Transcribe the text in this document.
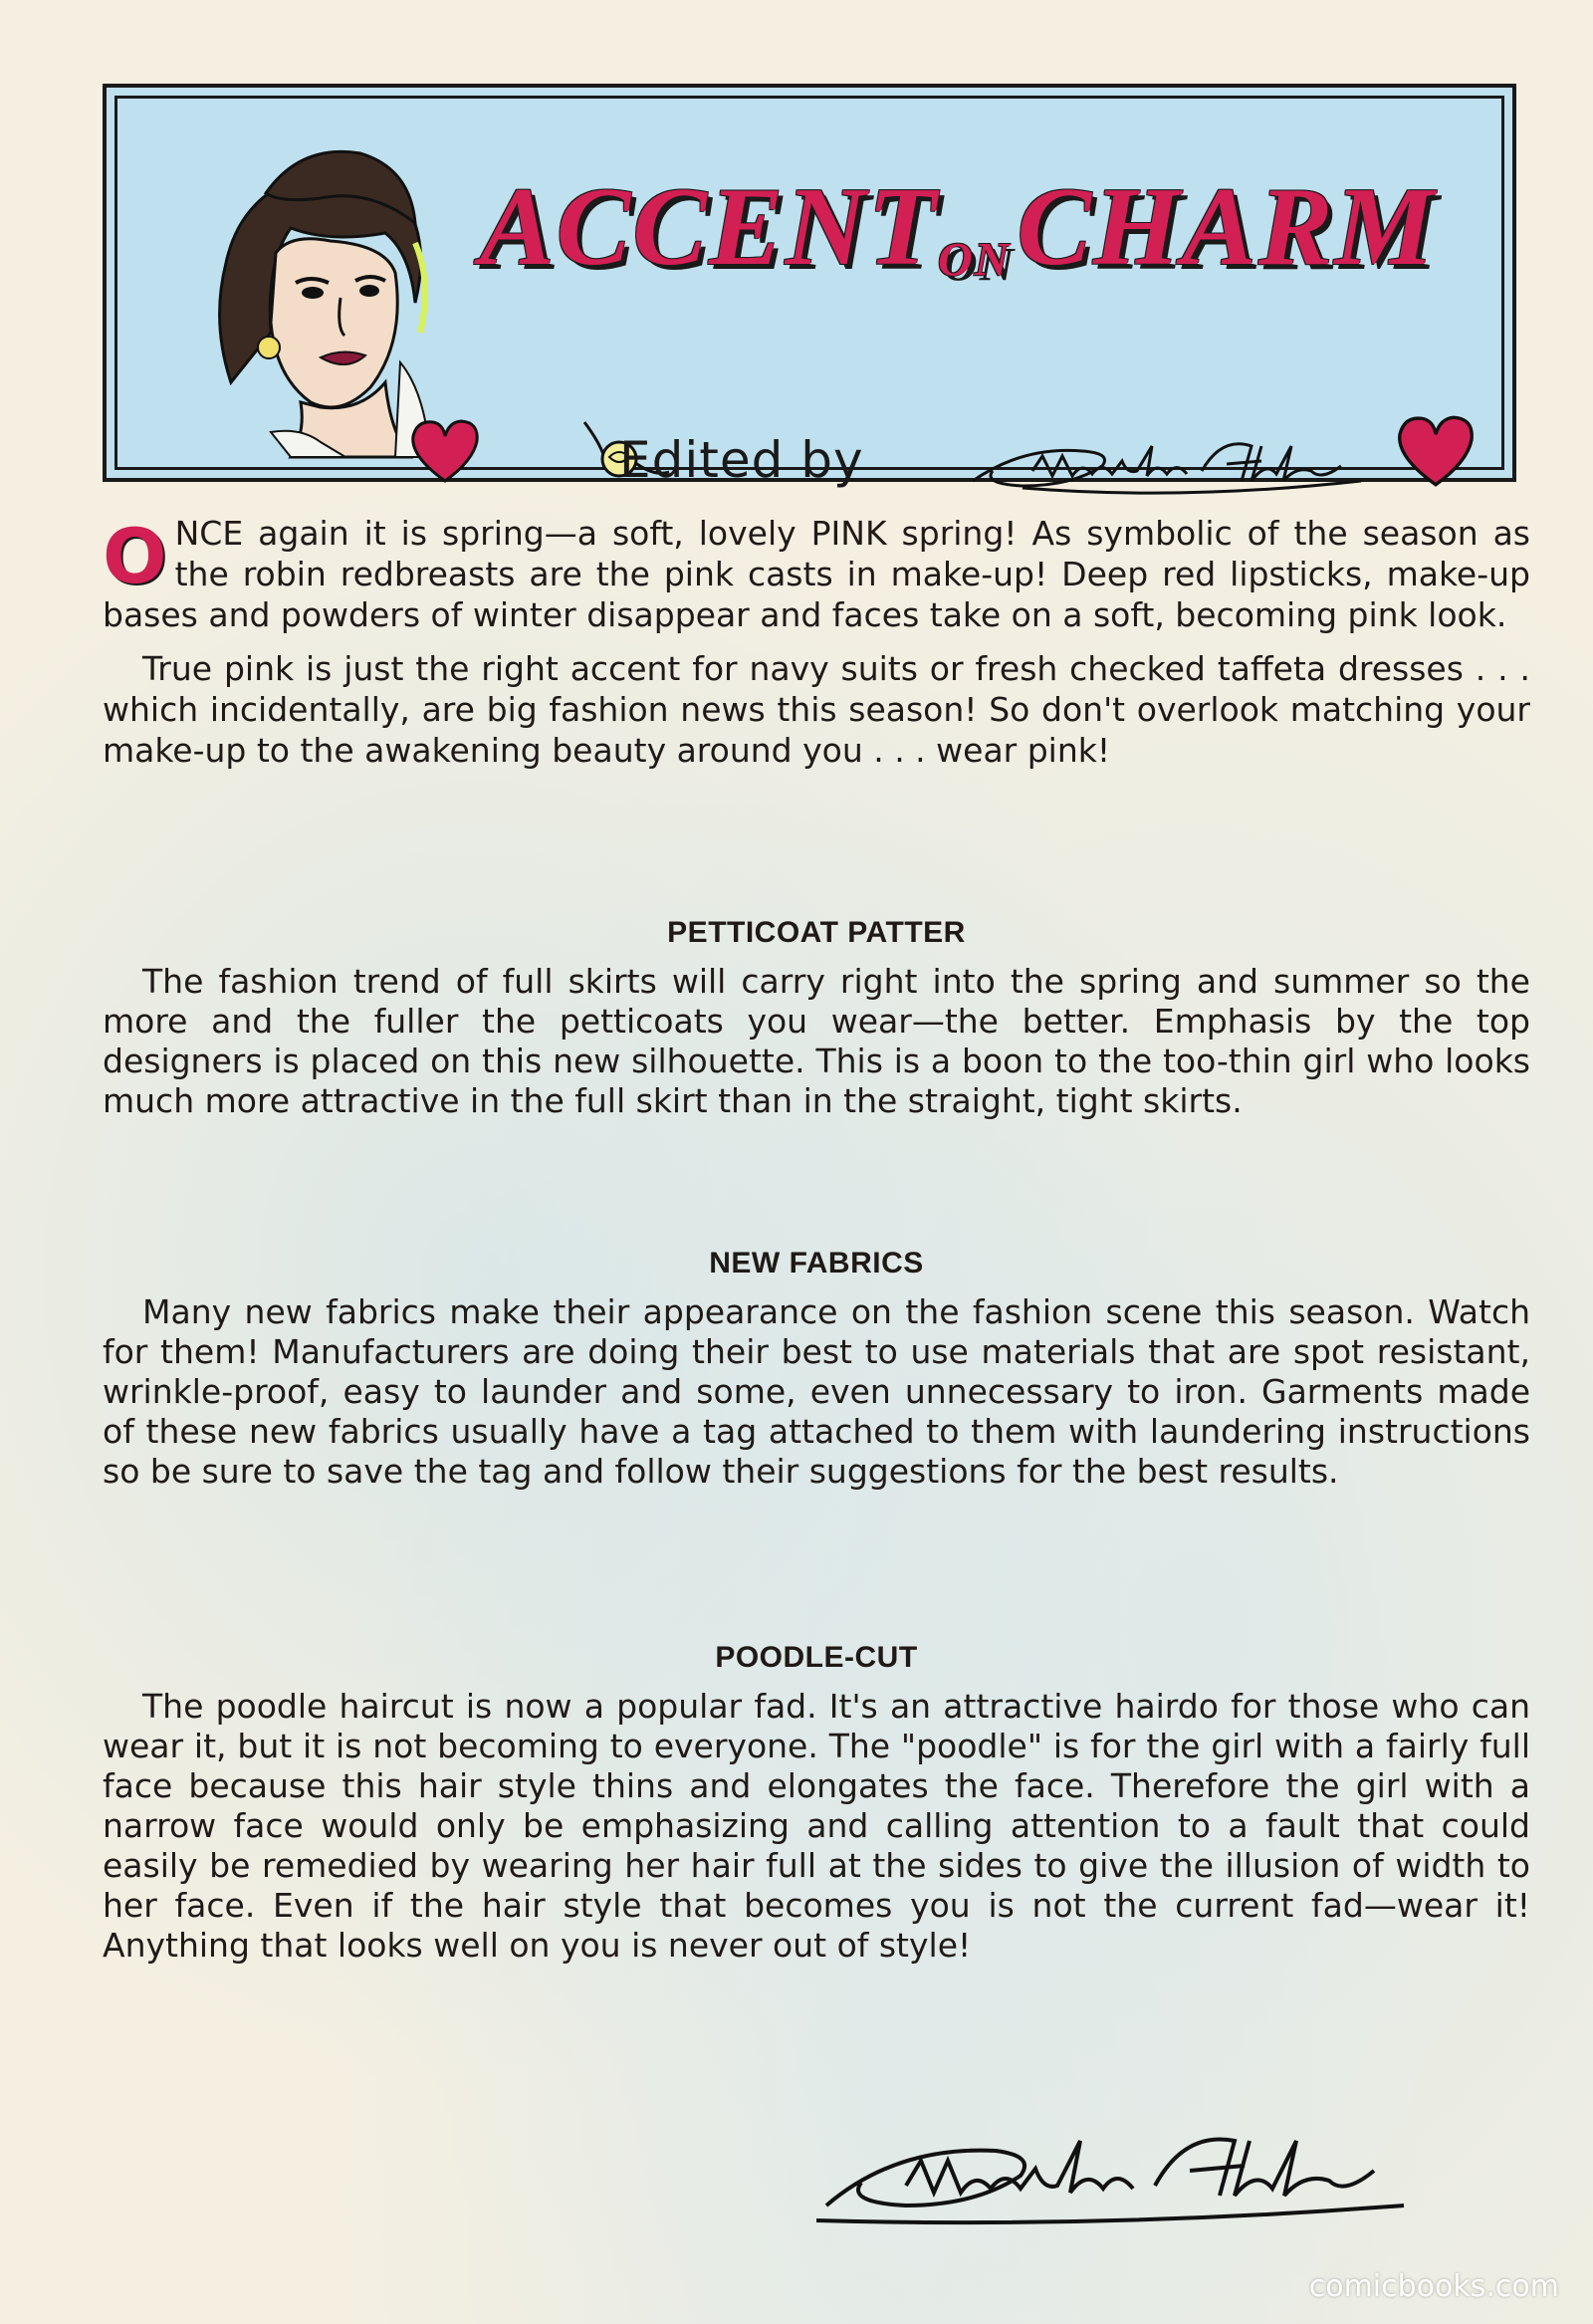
ACCENTON CHARM
Edited by

ONCE again it is spring—a soft, lovely PINK spring! As symbolic of the season as the robin redbreasts are the pink casts in make-up! Deep red lipsticks, make-up bases and powders of winter disappear and faces take on a soft, becoming pink look.

True pink is just the right accent for navy suits or fresh checked taffeta dresses . . . which incidentally, are big fashion news this season! So don't overlook matching your make-up to the awakening beauty around you . . . wear pink!

PETTICOAT PATTER

The fashion trend of full skirts will carry right into the spring and summer so the more and the fuller the petticoats you wear—the better. Emphasis by the top designers is placed on this new silhouette. This is a boon to the too-thin girl who looks much more attractive in the full skirt than in the straight, tight skirts.

NEW FABRICS

Many new fabrics make their appearance on the fashion scene this season. Watch for them! Manufacturers are doing their best to use materials that are spot resistant, wrinkle-proof, easy to launder and some, even unnecessary to iron. Garments made of these new fabrics usually have a tag attached to them with laundering instructions so be sure to save the tag and follow their suggestions for the best results.

POODLE-CUT

The poodle haircut is now a popular fad. It's an attractive hairdo for those who can wear it, but it is not becoming to everyone. The "poodle" is for the girl with a fairly full face because this hair style thins and elongates the face. Therefore the girl with a narrow face would only be emphasizing and calling attention to a fault that could easily be remedied by wearing her hair full at the sides to give the illusion of width to her face. Even if the hair style that becomes you is not the current fad—wear it! Anything that looks well on you is never out of style!

comicbooks.com
